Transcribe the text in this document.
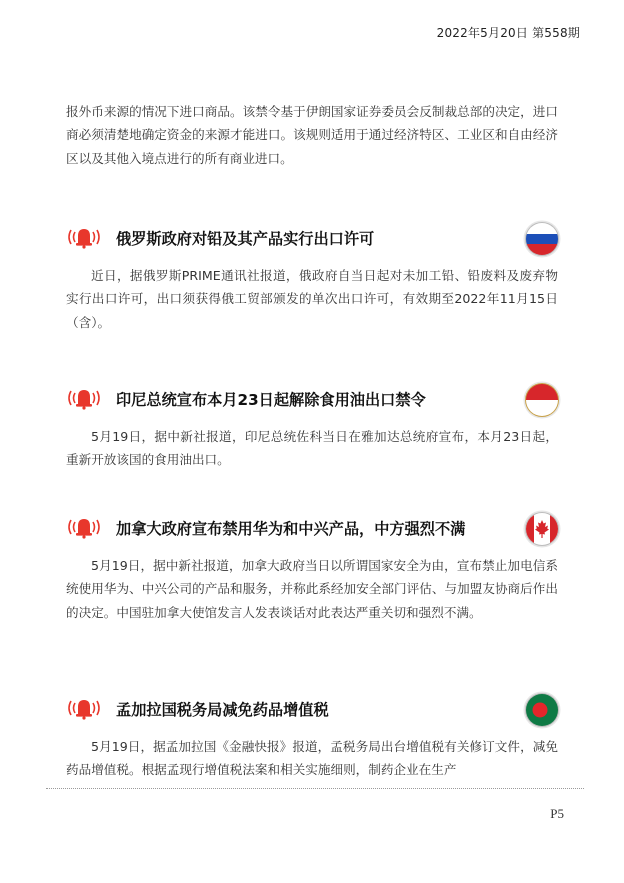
2022年5月20日 第558期

报外币来源的情况下进口商品。该禁令基于伊朗国家证券委员会反制裁总部的决定，进口商必须清楚地确定资金的来源才能进口。该规则适用于通过经济特区、工业区和自由经济区以及其他入境点进行的所有商业进口。

俄罗斯政府对铅及其产品实行出口许可

近日，据俄罗斯PRIME通讯社报道，俄政府自当日起对未加工铅、铅废料及废弃物实行出口许可，出口须获得俄工贸部颁发的单次出口许可，有效期至2022年11月15日（含）。

印尼总统宣布本月23日起解除食用油出口禁令

5月19日，据中新社报道，印尼总统佐科当日在雅加达总统府宣布，本月23日起，重新开放该国的食用油出口。

加拿大政府宣布禁用华为和中兴产品，中方强烈不满

5月19日，据中新社报道，加拿大政府当日以所谓国家安全为由，宣布禁止加电信系统使用华为、中兴公司的产品和服务，并称此系经加安全部门评估、与加盟友协商后作出的决定。中国驻加拿大使馆发言人发表谈话对此表达严重关切和强烈不满。

孟加拉国税务局减免药品增值税

5月19日，据孟加拉国《金融快报》报道，孟税务局出台增值税有关修订文件，减免药品增值税。根据孟现行增值税法案和相关实施细则，制药企业在生产

P5
